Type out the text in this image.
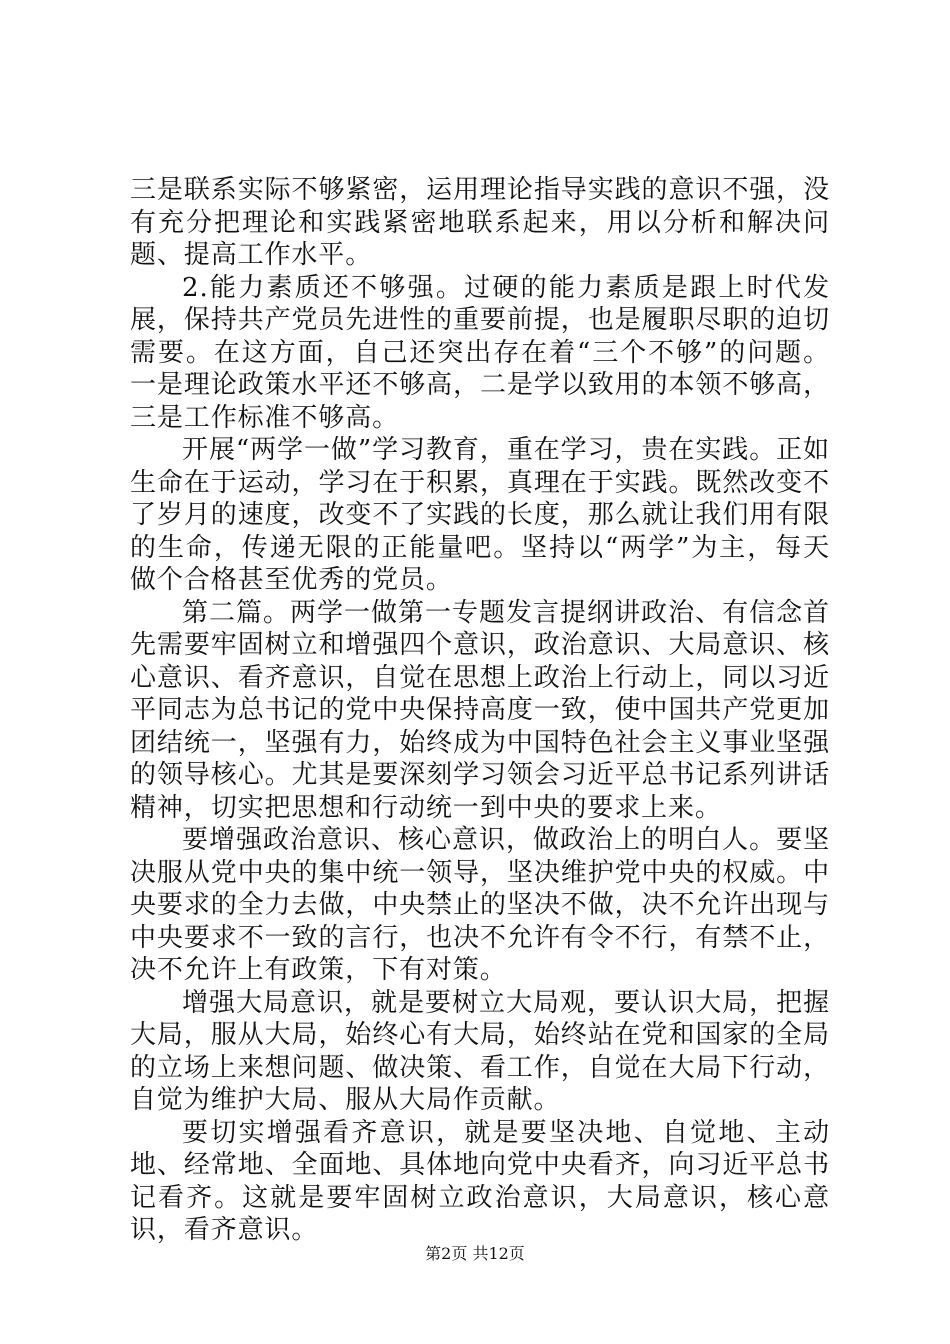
三是联系实际不够紧密，运用理论指导实践的意识不强，没有充分把理论和实践紧密地联系起来，用以分析和解决问题、提高工作水平。

2.能力素质还不够强。过硬的能力素质是跟上时代发展，保持共产党员先进性的重要前提，也是履职尽职的迫切需要。在这方面，自己还突出存在着“三个不够”的问题。一是理论政策水平还不够高，二是学以致用的本领不够高，三是工作标准不够高。

开展“两学一做”学习教育，重在学习，贵在实践。正如生命在于运动，学习在于积累，真理在于实践。既然改变不了岁月的速度，改变不了实践的长度，那么就让我们用有限的生命，传递无限的正能量吧。坚持以“两学”为主，每天做个合格甚至优秀的党员。

第二篇。两学一做第一专题发言提纲讲政治、有信念首先需要牢固树立和增强四个意识，政治意识、大局意识、核心意识、看齐意识，自觉在思想上政治上行动上，同以习近平同志为总书记的党中央保持高度一致，使中国共产党更加团结统一，坚强有力，始终成为中国特色社会主义事业坚强的领导核心。尤其是要深刻学习领会习近平总书记系列讲话精神，切实把思想和行动统一到中央的要求上来。

要增强政治意识、核心意识，做政治上的明白人。要坚决服从党中央的集中统一领导，坚决维护党中央的权威。中央要求的全力去做，中央禁止的坚决不做，决不允许出现与中央要求不一致的言行，也决不允许有令不行，有禁不止，决不允许上有政策，下有对策。

增强大局意识，就是要树立大局观，要认识大局，把握大局，服从大局，始终心有大局，始终站在党和国家的全局的立场上来想问题、做决策、看工作，自觉在大局下行动，自觉为维护大局、服从大局作贡献。

要切实增强看齐意识，就是要坚决地、自觉地、主动地、经常地、全面地、具体地向党中央看齐，向习近平总书记看齐。这就是要牢固树立政治意识，大局意识，核心意识，看齐意识。

第2页 共12页
